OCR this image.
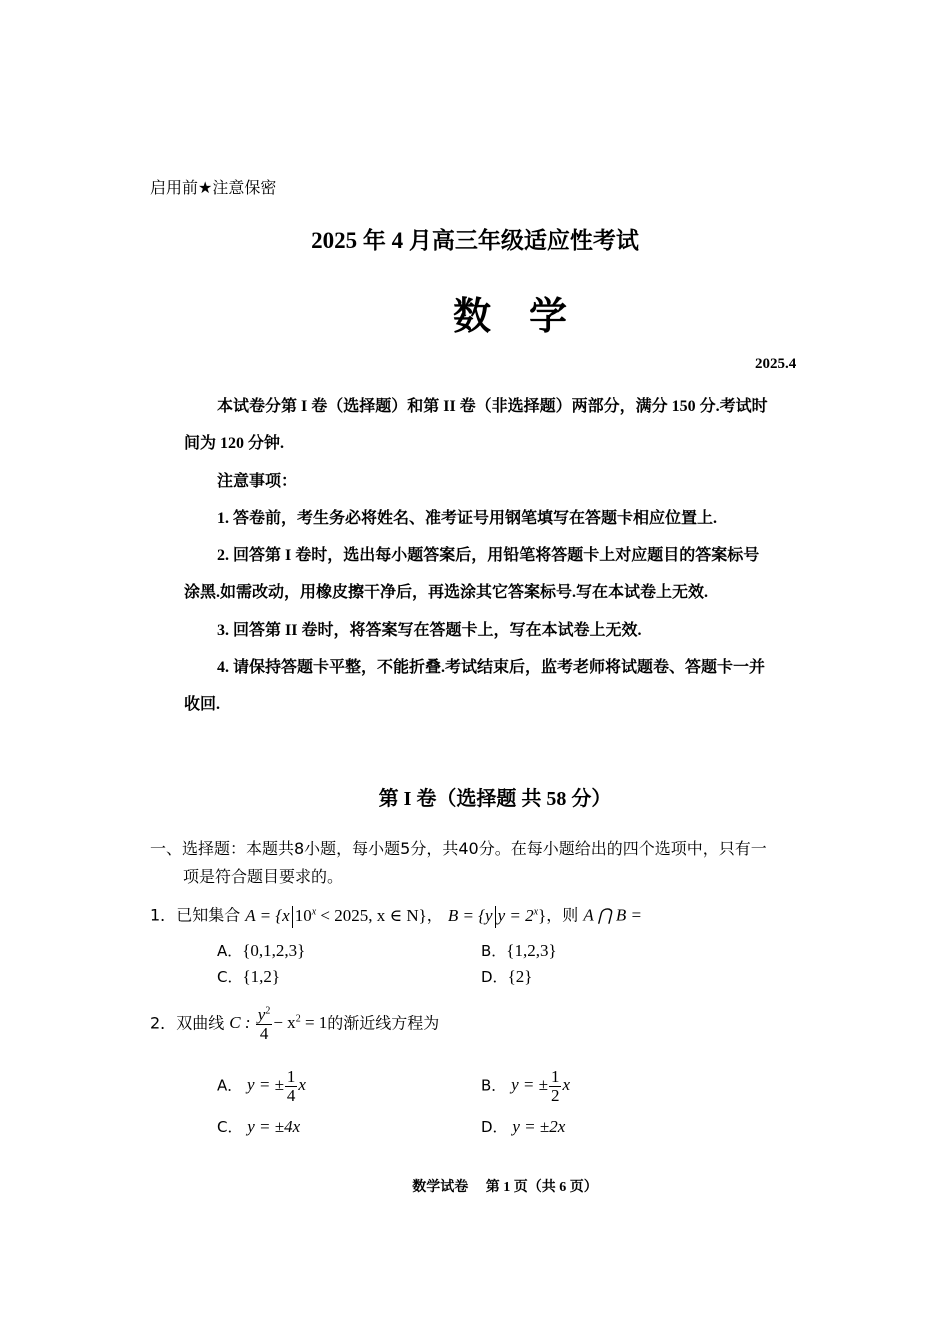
启用前★注意保密
2025 年 4 月高三年级适应性考试
数　学
2025.4
本试卷分第 I 卷（选择题）和第 II 卷（非选择题）两部分，满分 150 分.考试时
间为 120 分钟.
注意事项：
1. 答卷前，考生务必将姓名、准考证号用钢笔填写在答题卡相应位置上.
2. 回答第 I 卷时，选出每小题答案后，用铅笔将答题卡上对应题目的答案标号
涂黑.如需改动，用橡皮擦干净后，再选涂其它答案标号.写在本试卷上无效.
3. 回答第 II 卷时，将答案写在答题卡上，写在本试卷上无效.
4. 请保持答题卡平整，不能折叠.考试结束后，监考老师将试题卷、答题卡一并
收回.
第 I 卷（选择题 共 58 分）
一、选择题：本题共8小题，每小题5分，共40分。在每小题给出的四个选项中，只有一
项是符合题目要求的。
1．已知集合 A = {x $10^x < 2025$, x ∈ N}， B = {y $y = 2^x$}，则 A ⋂ B =
A．{0,1,2,3}	B．{1,2,3}
C．{1,2}	D．{2}
2．双曲线 C : $\frac{y^2}{4} - x^2 = 1$的渐近线方程为
A． y = ± $\frac{1}{4}$ x	B． y = ± $\frac{1}{2}$ x
C． y = ±4x	D． y = ±2x
数学试卷　 第 1 页（共 6 页）
